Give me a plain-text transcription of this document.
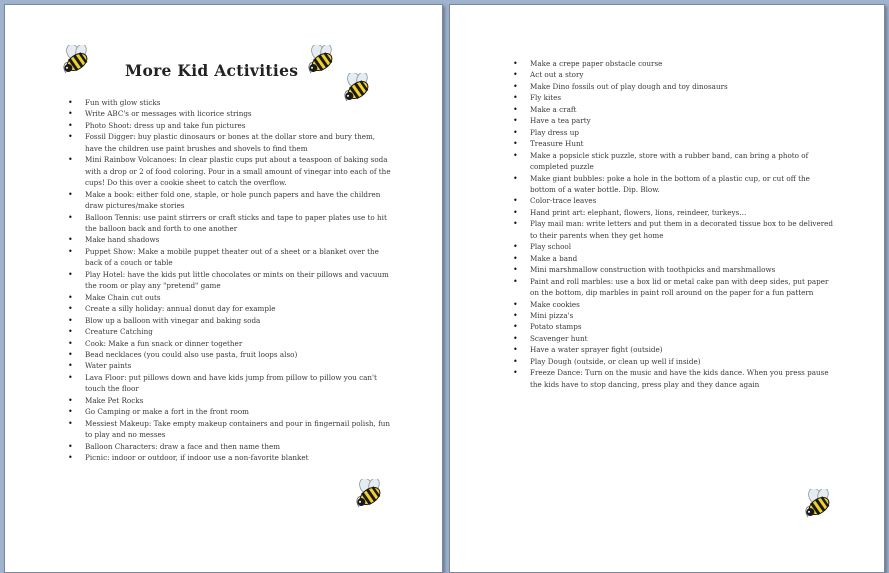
More Kid Activities
• Fun with glow sticks
• Write ABC's or messages with licorice strings
• Photo Shoot: dress up and take fun pictures
• Fossil Digger: buy plastic dinosaurs or bones at the dollar store and bury them, have the children use paint brushes and shovels to find them
• Mini Rainbow Volcanoes: In clear plastic cups put about a teaspoon of baking soda with a drop or 2 of food coloring. Pour in a small amount of vinegar into each of the cups! Do this over a cookie sheet to catch the overflow.
• Make a book: either fold one, staple, or hole punch papers and have the children draw pictures/make stories
• Balloon Tennis: use paint stirrers or craft sticks and tape to paper plates use to hit the balloon back and forth to one another
• Make hand shadows
• Puppet Show: Make a mobile puppet theater out of a sheet or a blanket over the back of a couch or table
• Play Hotel: have the kids put little chocolates or mints on their pillows and vacuum the room or play any "pretend" game
• Make Chain cut outs
• Create a silly holiday: annual donut day for example
• Blow up a balloon with vinegar and baking soda
• Creature Catching
• Cook: Make a fun snack or dinner together
• Bead necklaces (you could also use pasta, fruit loops also)
• Water paints
• Lava Floor: put pillows down and have kids jump from pillow to pillow you can't touch the floor
• Make Pet Rocks
• Go Camping or make a fort in the front room
• Messiest Makeup: Take empty makeup containers and pour in fingernail polish, fun to play and no messes
• Balloon Characters: draw a face and then name them
• Picnic: indoor or outdoor, if indoor use a non-favorite blanket
• Make a crepe paper obstacle course
• Act out a story
• Make Dino fossils out of play dough and toy dinosaurs
• Fly kites
• Make a craft
• Have a tea party
• Play dress up
• Treasure Hunt
• Make a popsicle stick puzzle, store with a rubber band, can bring a photo of completed puzzle
• Make giant bubbles: poke a hole in the bottom of a plastic cup, or cut off the bottom of a water bottle. Dip. Blow.
• Color-trace leaves
• Hand print art: elephant, flowers, lions, reindeer, turkeys…
• Play mail man: write letters and put them in a decorated tissue box to be delivered to their parents when they get home
• Play school
• Make a band
• Mini marshmallow construction with toothpicks and marshmallows
• Paint and roll marbles: use a box lid or metal cake pan with deep sides, put paper on the bottom, dip marbles in paint roll around on the paper for a fun pattern
• Make cookies
• Mini pizza's
• Potato stamps
• Scavenger hunt
• Have a water sprayer fight (outside)
• Play Dough (outside, or clean up well if inside)
• Freeze Dance: Turn on the music and have the kids dance. When you press pause the kids have to stop dancing, press play and they dance again
